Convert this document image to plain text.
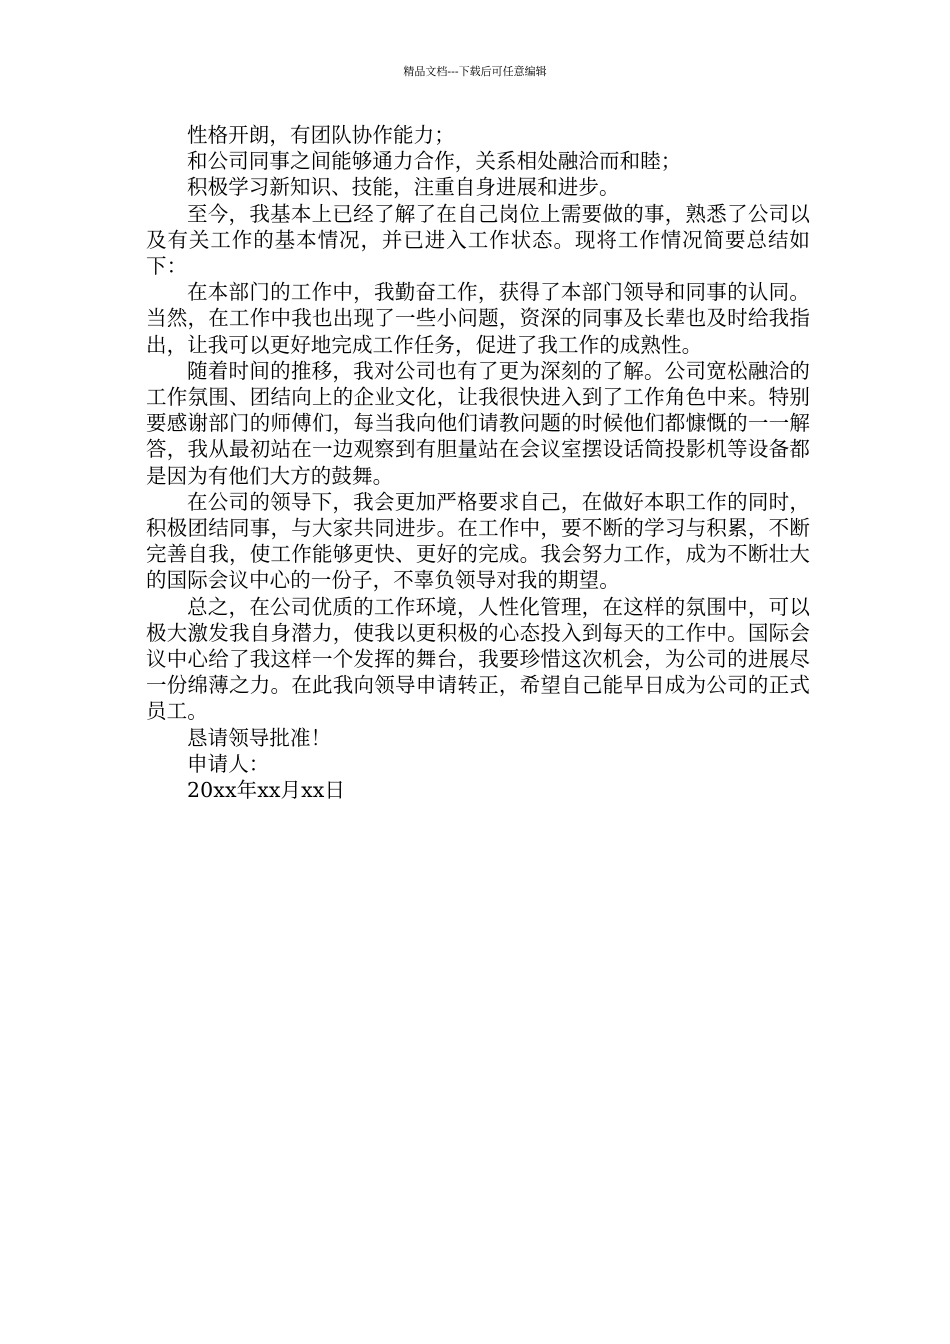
精品文档---下载后可任意编辑

性格开朗，有团队协作能力；

和公司同事之间能够通力合作，关系相处融洽而和睦；

积极学习新知识、技能，注重自身进展和进步。

至今，我基本上已经了解了在自己岗位上需要做的事，熟悉了公司以及有关工作的基本情况，并已进入工作状态。现将工作情况简要总结如下：

在本部门的工作中，我勤奋工作，获得了本部门领导和同事的认同。当然，在工作中我也出现了一些小问题，资深的同事及长辈也及时给我指出，让我可以更好地完成工作任务，促进了我工作的成熟性。

随着时间的推移，我对公司也有了更为深刻的了解。公司宽松融洽的工作氛围、团结向上的企业文化，让我很快进入到了工作角色中来。特别要感谢部门的师傅们，每当我向他们请教问题的时候他们都慷慨的一一解答，我从最初站在一边观察到有胆量站在会议室摆设话筒投影机等设备都是因为有他们大方的鼓舞。

在公司的领导下，我会更加严格要求自己，在做好本职工作的同时，积极团结同事，与大家共同进步。在工作中，要不断的学习与积累，不断完善自我，使工作能够更快、更好的完成。我会努力工作，成为不断壮大的国际会议中心的一份子，不辜负领导对我的期望。

总之，在公司优质的工作环境，人性化管理，在这样的氛围中，可以极大激发我自身潜力，使我以更积极的心态投入到每天的工作中。国际会议中心给了我这样一个发挥的舞台，我要珍惜这次机会，为公司的进展尽一份绵薄之力。在此我向领导申请转正，希望自己能早日成为公司的正式员工。

恳请领导批准！

申请人：

20xx年xx月xx日
